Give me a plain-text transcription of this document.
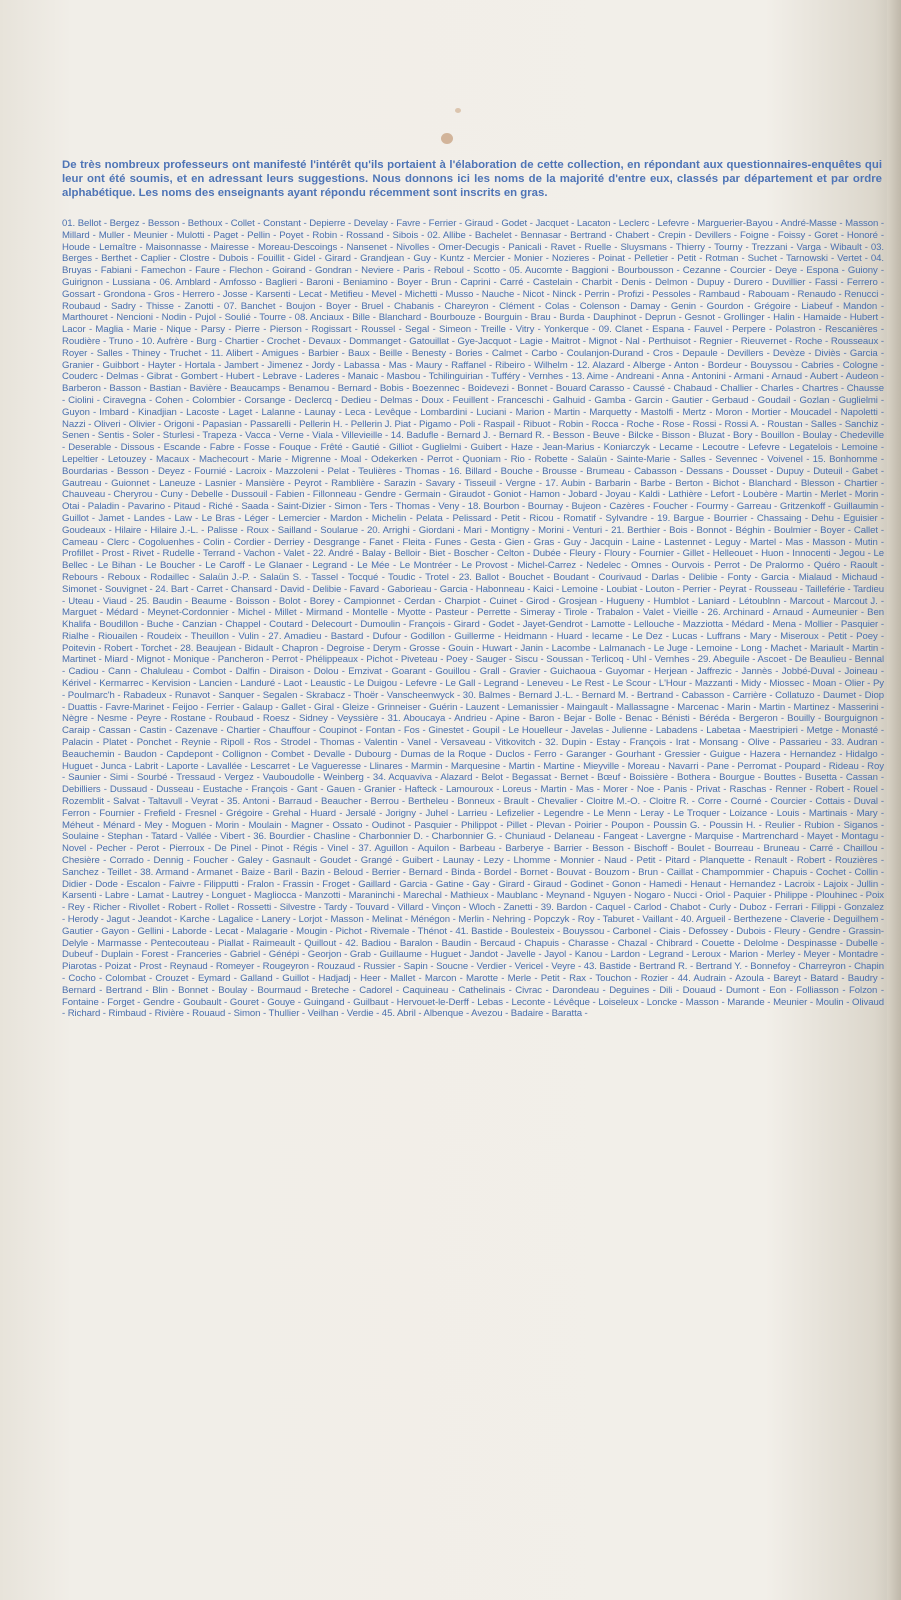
De très nombreux professeurs ont manifesté l'intérêt qu'ils portaient à l'élaboration de cette collection, en répondant aux questionnaires-enquêtes qui leur ont été soumis, et en adressant leurs suggestions. Nous donnons ici les noms de la majorité d'entre eux, classés par département et par ordre alphabétique. Les noms des enseignants ayant répondu récemment sont inscrits en gras.

01. Bellot - Bergez - Besson - Bethoux - Collet - Constant - Depierre - Develay - Favre - Ferrier - Giraud - Godet - Jacquet - Lacaton - Leclerc - Lefevre - Marguerier-Bayou - André-Masse - Masson - Millard - Muller - Meunier - Mulotti - Paget - Pellin - Poyet - Robin - Rossand - Sibois - 02. Allibe - Bachelet - Bennasar - Bertrand - Chabert - Crepin - Devillers - Foigne - Foissy - Goret - Honoré - Houde - Lemaître - Maisonnasse - Mairesse - Moreau-Descoings - Nansenet - Nivolles - Omer-Decugis - Panicali - Ravet - Ruelle - Sluysmans - Thierry - Tourny - Trezzani - Varga - Wibault - 03. Berges - Berthet - Caplier - Clostre - Dubois - Fouillit - Gidel - Girard - Grandjean - Guy - Kuntz - Mercier - Monier - Nozieres - Poinat - Pelletier - Petit - Rotman - Suchet - Tarnowski - Vertet - 04. Bruyas - Fabiani - Famechon - Faure - Flechon - Goirand - Gondran - Neviere - Paris - Reboul - Scotto - 05. Aucomte - Baggioni - Bourbousson - Cezanne - Courcier - Deye - Espona - Guiony - Guirignon - Lussiana - 06. Amblard - Amfosso - Baglieri - Baroni - Beniamino - Boyer - Brun - Caprini - Carré - Castelain - Charbit - Denis - Delmon - Dupuy - Durero - Duvillier - Fassi - Ferrero - Gossart - Grondona - Gros - Herrero - Josse - Karsenti - Lecat - Metifieu - Mevel - Michetti - Musso - Nauche - Nicot - Ninck - Perrin - Profizi - Pessoles - Rambaud - Rabouam - Renaudo - Renucci - Roubaud - Sadry - Thisse - Zanotti - 07. Banchet - Boujon - Boyer - Bruel - Chabanis - Chareyron - Clément - Colas - Colenson - Damay - Genin - Gourdon - Grégoire - Liabeuf - Mandon - Marthouret - Nencioni - Nodin - Pujol - Soulié - Tourre - 08. Anciaux - Bille - Blanchard - Bourbouze - Bourguin - Brau - Burda - Dauphinot - Deprun - Gesnot - Grollinger - Halin - Hamaide - Hubert - Lacor - Maglia - Marie - Nique - Parsy - Pierre - Pierson - Rogissart - Roussel - Segal - Simeon - Treille - Vitry - Yonkerque - 09. Clanet - Espana - Fauvel - Perpere - Polastron - Rescanières - Roudière - Truno - 10. Aufrère - Burg - Chartier - Crochet - Devaux - Dommanget - Gatouillat - Gye-Jacquot - Lagie - Maitrot - Mignot - Nal - Perthuisot - Regnier - Rieuvernet - Roche - Rousseaux - Royer - Salles - Thiney - Truchet - 11. Alibert - Amigues - Barbier - Baux - Beille - Benesty - Bories - Calmet - Carbo - Coulanjon-Durand - Cros - Depaule - Devillers - Devèze - Diviès - Garcia - Granier - Guibbort - Hayter - Hortala - Jambert - Jimenez - Jordy - Labassa - Mas - Maury - Raffanel - Ribeiro - Wilhelm - 12. Alazard - Alberge - Anton - Bordeur - Bouyssou - Cabries - Cologne - Couderc - Delmas - Gibrat - Gombert - Hubert - Lebrave - Laderes - Manaic - Masbou - Tchilinguirian - Tufféry - Vernhes - 13. Aime - Andreani - Anna - Antonini - Armani - Arnaud - Aubert - Audeon - Barberon - Basson - Bastian - Bavière - Beaucamps - Benamou - Bernard - Bobis - Boezennec - Boidevezi - Bonnet - Bouard Carasso - Caussé - Chabaud - Challier - Charles - Chartres - Chausse - Ciolini - Ciravegna - Cohen - Colombier - Corsange - Declercq - Dedieu - Delmas - Doux - Feuillent - Franceschi - Galhuid - Gamba - Garcin - Gautier - Gerbaud - Goudail - Gozlan - Guglielmi - Guyon - Imbard - Kinadjian - Lacoste - Laget - Lalanne - Launay - Leca - Levêque - Lombardini - Luciani - Marion - Martin - Marquetty - Mastolfi - Mertz - Moron - Mortier - Moucadel - Napoletti - Nazzi - Oliveri - Olivier - Origoni - Papasian - Passarelli - Pellerin H. - Pellerin J. Piat - Pigamo - Poli - Raspail - Ribuot - Robin - Rocca - Roche - Rose - Rossi - Rossi A. - Roustan - Salles - Sanchiz - Senen - Sentis - Soler - Sturlesi - Trapeza - Vacca - Verne - Viala - Villevieille - 14. Badufle - Bernard J. - Bernard R. - Besson - Beuve - Bilcke - Bisson - Bluzat - Bory - Bouillon - Boulay - Chedeville - Deserable - Dissous - Escande - Fabre - Fosse - Fouque - Frêté - Gautié - Gilliot - Guglielmi - Guibert - Haze - Jean-Marius - Koniarczyk - Lecame - Lecoutre - Lefevre - Legatelois - Lemoine - Lepeltier - Letouzey - Macaux - Machecourt - Marie - Migrenne - Moal - Odekerken - Perrot - Quoniam - Rio - Robette - Salaün - Sainte-Marie - Salles - Sevennec - Voivenel - 15. Bonhomme - Bourdarias - Besson - Deyez - Fournié - Lacroix - Mazzoleni - Pelat - Teulières - Thomas - 16. Billard - Bouche - Brousse - Brumeau - Cabasson - Dessans - Dousset - Dupuy - Duteuil - Gabet - Gautreau - Guionnet - Laneuze - Lasnier - Mansière - Peyrot - Ramblière - Sarazin - Savary - Tisseuil - Vergne - 17. Aubin - Barbarin - Barbe - Berton - Bichot - Blanchard - Blesson - Chartier - Chauveau - Cheryrou - Cuny - Debelle - Dussouil - Fabien - Fillonneau - Gendre - Germain - Giraudot - Goniot - Hamon - Jobard - Joyau - Kaldi - Lathière - Lefort - Loubère - Martin - Merlet - Morin - Otai - Paladin - Pavarino - Pitaud - Riché - Saada - Saint-Dizier - Simon - Ters - Thomas - Veny - 18. Bourbon - Bournay - Bujeon - Cazères - Foucher - Fourmy - Garreau - Gritzenkoff - Guillaumin - Guillot - Jamet - Landes - Law - Le Bras - Léger - Lemercier - Mardon - Michelin - Pelata - Pelissard - Petit - Ricou - Romatif - Sylvandre - 19. Bargue - Bourrier - Chassaing - Dehu - Eguisier - Goudeaux - Hilaire - Hilaire J.-L. - Palisse - Roux - Sailland - Soularue - 20. Arrighi - Giordani - Mari - Montigny - Morini - Venturi - 21. Berthier - Bois - Bonnot - Béghin - Boulmier - Boyer - Callet - Cameau - Clerc - Cogoluenhes - Colin - Cordier - Derriey - Desgrange - Fanet - Fleita - Funes - Gesta - Gien - Gras - Guy - Jacquin - Laine - Lastennet - Leguy - Martel - Mas - Masson - Mutin - Profillet - Prost - Rivet - Rudelle - Terrand - Vachon - Valet - 22. André - Balay - Belloir - Biet - Boscher - Celton - Dubée - Fleury - Floury - Fournier - Gillet - Helleouet - Huon - Innocenti - Jegou - Le Bellec - Le Bihan - Le Boucher - Le Caroff - Le Glanaer - Legrand - Le Mée - Le Montréer - Le Provost - Michel-Carrez - Nedelec - Omnes - Ourvois - Perrot - De Pralormo - Quéro - Raoult - Rebours - Reboux - Rodaillec - Salaün J.-P. - Salaün S. - Tassel - Tocqué - Toudic - Trotel - 23. Ballot - Bouchet - Boudant - Courivaud - Darlas - Delibie - Fonty - Garcia - Mialaud - Michaud - Simonet - Souvignet - 24. Bart - Carret - Chansard - David - Delibie - Favard - Gaborieau - Garcia - Habonneau - Kaici - Lemoine - Loubiat - Louton - Perrier - Peyrat - Rousseau - Tailleférie - Tardieu - Uteau - Viaud - 25. Baudin - Beaume - Boisson - Bolot - Borey - Campionnet - Cerdan - Charpiot - Cuinet - Girod - Grosjean - Hugueny - Humblot - Laniard - Létoublnn - Marcout - Marcout J. - Marguet - Médard - Meynet-Cordonnier - Michel - Millet - Mirmand - Montelle - Myotte - Pasteur - Perrette - Simeray - Tirole - Trabalon - Valet - Vieille - 26. Archinard - Arnaud - Aumeunier - Ben Khalifa - Boudillon - Buche - Canzian - Chappel - Coutard - Delecourt - Dumoulin - François - Girard - Godet - Jayet-Gendrot - Lamotte - Lellouche - Mazziotta - Médard - Mena - Mollier - Pasquier - Rialhe - Riouailen - Roudeix - Theuillon - Vulin - 27. Amadieu - Bastard - Dufour - Godillon - Guillerme - Heidmann - Huard - Iecame - Le Dez - Lucas - Luffrans - Mary - Miseroux - Petit - Poey - Poitevin - Robert - Torchet - 28. Beaujean - Bidault - Chapron - Degroise - Derym - Grosse - Gouin - Huwart - Janin - Lacombe - Lalmanach - Le Juge - Lemoine - Long - Machet - Mariault - Martin - Martinet - Miard - Mignot - Monique - Pancheron - Perrot - Phélippeaux - Pichot - Piveteau - Poey - Sauger - Siscu - Soussan - Terlicoq - Uhl - Vernhes - 29. Abeguile - Ascoet - De Beaulieu - Bennal - Cadiou - Cann - Chaluleau - Combot - Dalfin - Diraison - Dolou - Emzivat - Goarant - Gouillou - Grall - Gravier - Guichaoua - Guyomar - Herjean - Jaffrezic - Jannès - Jobbé-Duval - Joineau - Kérivel - Kermarrec - Kervision - Lancien - Landuré - Laot - Leaustic - Le Duigou - Lefevre - Le Gall - Legrand - Leneveu - Le Rest - Le Scour - L'Hour - Mazzanti - Midy - Miossec - Moan - Olier - Py - Poulmarc'h - Rabadeux - Runavot - Sanquer - Segalen - Skrabacz - Thoër - Vanscheenwyck - 30. Balmes - Bernard J.-L. - Bernard M. - Bertrand - Cabasson - Carrière - Collatuzo - Daumet - Diop - Duattis - Favre-Marinet - Feijoo - Ferrier - Galaup - Gallet - Giral - Gleize - Grinneiser - Guérin - Lauzent - Lemanissier - Maingault - Mallassagne - Marcenac - Marin - Martin - Martinez - Masserini - Nègre - Nesme - Peyre - Rostane - Roubaud - Roesz - Sidney - Veyssière - 31. Aboucaya - Andrieu - Apine - Baron - Bejar - Bolle - Benac - Bénisti - Béréda - Bergeron - Bouilly - Bourguignon - Caraip - Cassan - Castin - Cazenave - Chartier - Chauffour - Coupinot - Fontan - Fos - Ginestet - Goupil - Le Houelleur - Javelas - Julienne - Labadens - Labetaa - Maestripieri - Metge - Monasté - Palacin - Platet - Ponchet - Reynie - Ripoll - Ros - Strodel - Thomas - Valentin - Vanel - Versaveau - Vitkovitch - 32. Dupin - Estay - François - Irat - Monsang - Olive - Passarieu - 33. Audran - Beauchemin - Baudon - Capdepont - Collignon - Combet - Devalle - Dubourg - Dumas de la Roque - Duclos - Ferro - Garanger - Gourhant - Gressier - Guigue - Hazera - Hernandez - Hidalgo - Huguet - Junca - Labrit - Laporte - Lavallée - Lescarret - Le Vagueresse - Llinares - Marmin - Marquesine - Martin - Martine - Mieyville - Moreau - Navarri - Pane - Perromat - Poupard - Rideau - Roy - Saunier - Simi - Sourbé - Tressaud - Vergez - Vauboudolle - Weinberg - 34. Acquaviva - Alazard - Belot - Begassat - Bernet - Bœuf - Boissière - Bothera - Bourgue - Bouttes - Busetta - Cassan - Debilliers - Dussaud - Dusseau - Eustache - François - Gant - Gauen - Granier - Hafteck - Lamouroux - Loreus - Martin - Mas - Morer - Noe - Panis - Privat - Raschas - Renner - Robert - Rouel - Rozemblit - Salvat - Taltavull - Veyrat - 35. Antoni - Barraud - Beaucher - Berrou - Bertheleu - Bonneux - Brault - Chevalier - Cloitre M.-O. - Cloitre R. - Corre - Courné - Courcier - Cottais - Duval - Ferron - Fournier - Frefield - Fresnel - Grégoire - Grehal - Huard - Jersalé - Jorigny - Juhel - Larrieu - Lefizelier - Legendre - Le Menn - Leray - Le Troquer - Loizance - Louis - Martinais - Mary - Méheut - Ménard - Mey - Moguen - Morin - Moulain - Magner - Ossato - Oudinot - Pasquier - Philippot - Pillet - Plevan - Poirier - Poupon - Poussin G. - Poussin H. - Reulier - Rubion - Siganos - Soulaine - Stephan - Tatard - Vallée - Vibert - 36. Bourdier - Chasline - Charbonnier D. - Charbonnier G. - Chuniaud - Delaneau - Fangeat - Lavergne - Marquise - Martrenchard - Mayet - Montagu - Novel - Pecher - Perot - Pierroux - De Pinel - Pinot - Régis - Vinel - 37. Aguillon - Aquilon - Barbeau - Barberye - Barrier - Besson - Bischoff - Boulet - Bourreau - Bruneau - Carré - Chaillou - Chesière - Corrado - Dennig - Foucher - Galey - Gasnault - Goudet - Grangé - Guibert - Launay - Lezy - Lhomme - Monnier - Naud - Petit - Pitard - Planquette - Renault - Robert - Rouzières - Sanchez - Teillet - 38. Armand - Armanet - Baize - Baril - Bazin - Beloud - Berrier - Bernard - Binda - Bordel - Bornet - Bouvat - Bouzom - Brun - Caillat - Champommier - Chapuis - Cochet - Collin - Didier - Dode - Escalon - Faivre - Filipputti - Fralon - Frassin - Froget - Gaillard - Garcia - Gatine - Gay - Girard - Giraud - Godinet - Gonon - Hamedi - Henaut - Hernandez - Lacroix - Lajoix - Jullin - Karsenti - Labre - Lamat - Lautrey - Longuet - Magliocca - Manzotti - Maraninchi - Marechal - Mathieux - Maublanc - Meynand - Nguyen - Nogaro - Nucci - Oriol - Paquier - Philippe - Plouhinec - Poix - Rey - Richer - Rivollet - Robert - Rollet - Rossetti - Silvestre - Tardy - Touvard - Villard - Vinçon - Wloch - Zanetti - 39. Bardon - Caquel - Carlod - Chabot - Curly - Duboz - Ferrari - Filippi - Gonzalez - Herody - Jagut - Jeandot - Karche - Lagalice - Lanery - Lorjot - Masson - Melinat - Ménégon - Merlin - Nehring - Popczyk - Roy - Taburet - Vaillant - 40. Argueil - Berthezene - Claverie - Deguilhem - Gautier - Gayon - Gellini - Laborde - Lecat - Malagarie - Mougin - Pichot - Rivemale - Thénot - 41. Bastide - Boulesteix - Bouyssou - Carbonel - Ciais - Defossey - Dubois - Fleury - Gendre - Grassin-Delyle - Marmasse - Pentecouteau - Piallat - Raimeault - Quillout - 42. Badiou - Baralon - Baudin - Bercaud - Chapuis - Charasse - Chazal - Chibrard - Couette - Delolme - Despinasse - Dubelle - Dubeuf - Duplain - Forest - Franceries - Gabriel - Génépi - Georjon - Grab - Guillaume - Huguet - Jandot - Javelle - Jayol - Kanou - Lardon - Legrand - Leroux - Marion - Merley - Meyer - Montadre - Piarotas - Poizat - Prost - Reynaud - Romeyer - Rougeyron - Rouzaud - Russier - Sapin - Soucne - Verdier - Vericel - Veyre - 43. Bastide - Bertrand R. - Bertrand Y. - Bonnefoy - Charreyron - Chapin - Cocho - Colombat - Crouzet - Eymard - Galland - Guillot - Hadjadj - Heer - Mallet - Marcon - Marotte - Merle - Petit - Rax - Touchon - Rozier - 44. Audrain - Azoula - Bareyt - Batard - Baudry - Bernard - Bertrand - Blin - Bonnet - Boulay - Bourmaud - Breteche - Cadorel - Caquineau - Cathelinais - Civrac - Darondeau - Deguines - Dili - Douaud - Dumont - Eon - Folliasson - Folzon - Fontaine - Forget - Gendre - Goubault - Gouret - Gouye - Guingand - Guilbaut - Hervouet-le-Derff - Lebas - Leconte - Lévêque - Loiseleux - Loncke - Masson - Marande - Meunier - Moulin - Olivaud - Richard - Rimbaud - Rivière - Rouaud - Simon - Thullier - Veilhan - Verdie - 45. Abril - Albenque - Avezou - Badaire - Baratta -
